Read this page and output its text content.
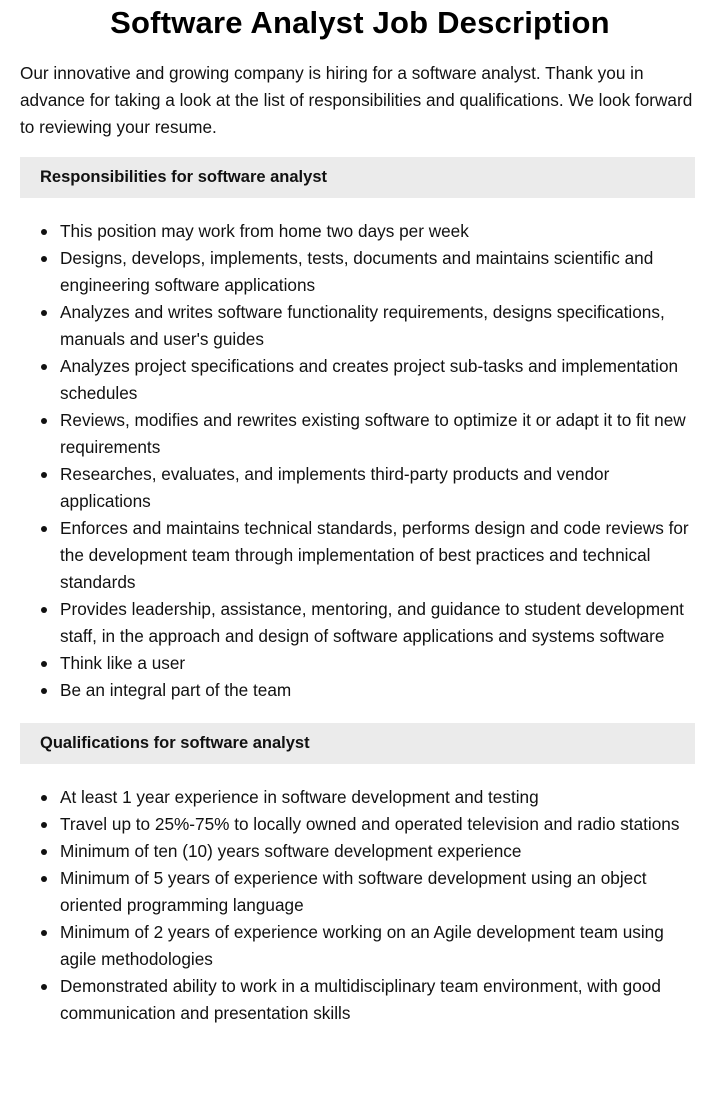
Software Analyst Job Description

Our innovative and growing company is hiring for a software analyst. Thank you in advance for taking a look at the list of responsibilities and qualifications. We look forward to reviewing your resume.

Responsibilities for software analyst
This position may work from home two days per week
Designs, develops, implements, tests, documents and maintains scientific and engineering software applications
Analyzes and writes software functionality requirements, designs specifications, manuals and user's guides
Analyzes project specifications and creates project sub-tasks and implementation schedules
Reviews, modifies and rewrites existing software to optimize it or adapt it to fit new requirements
Researches, evaluates, and implements third-party products and vendor applications
Enforces and maintains technical standards, performs design and code reviews for the development team through implementation of best practices and technical standards
Provides leadership, assistance, mentoring, and guidance to student development staff, in the approach and design of software applications and systems software
Think like a user
Be an integral part of the team
Qualifications for software analyst
At least 1 year experience in software development and testing
Travel up to 25%-75% to locally owned and operated television and radio stations
Minimum of ten (10) years software development experience
Minimum of 5 years of experience with software development using an object oriented programming language
Minimum of 2 years of experience working on an Agile development team using agile methodologies
Demonstrated ability to work in a multidisciplinary team environment, with good communication and presentation skills
